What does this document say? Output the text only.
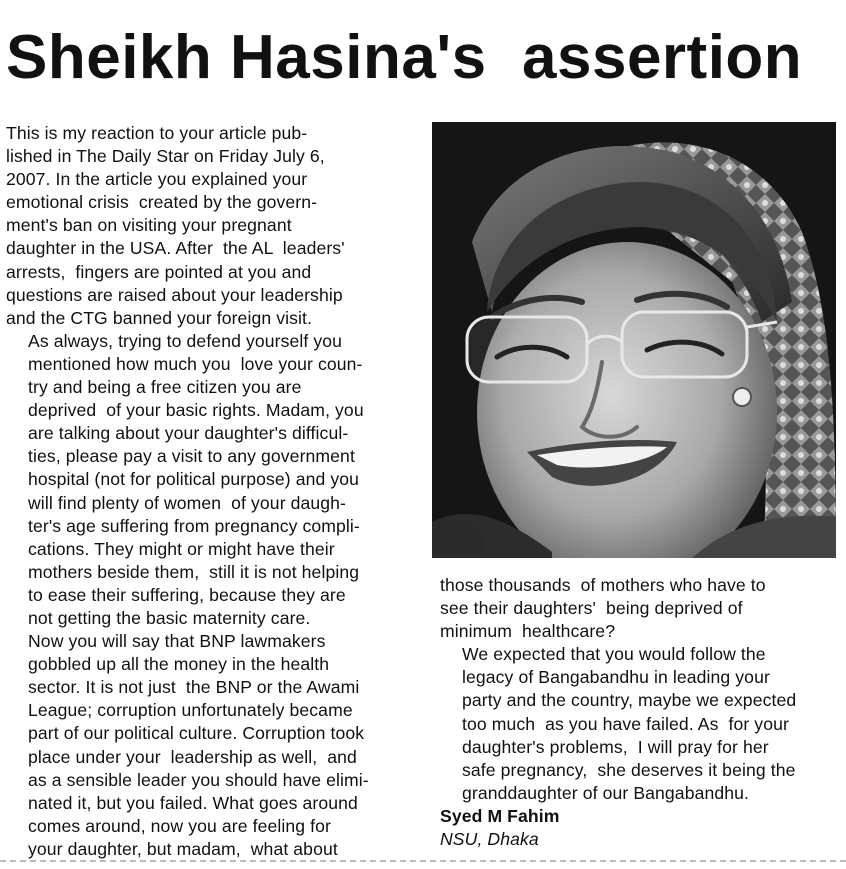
Sheikh Hasina's  assertion

This is my reaction to your article pub-
lished in The Daily Star on Friday July 6,
2007. In the article you explained your
emotional crisis  created by the govern-
ment's ban on visiting your pregnant
daughter in the USA. After  the AL  leaders'
arrests,  fingers are pointed at you and
questions are raised about your leadership
and the CTG banned your foreign visit.

As always, trying to defend yourself you
mentioned how much you  love your coun-
try and being a free citizen you are
deprived  of your basic rights. Madam, you
are talking about your daughter's difficul-
ties, please pay a visit to any government
hospital (not for political purpose) and you
will find plenty of women  of your daugh-
ter's age suffering from pregnancy compli-
cations. They might or might have their
mothers beside them,  still it is not helping
to ease their suffering, because they are
not getting the basic maternity care.

Now you will say that BNP lawmakers
gobbled up all the money in the health
sector. It is not just  the BNP or the Awami
League; corruption unfortunately became
part of our political culture. Corruption took
place under your  leadership as well,  and
as a sensible leader you should have elimi-
nated it, but you failed. What goes around
comes around, now you are feeling for
your daughter, but madam,  what about

those thousands  of mothers who have to
see their daughters'  being deprived of
minimum  healthcare?

We expected that you would follow the
legacy of Bangabandhu in leading your
party and the country, maybe we expected
too much  as you have failed. As  for your
daughter's problems,  I will pray for her
safe pregnancy,  she deserves it being the
granddaughter of our Bangabandhu.

Syed M Fahim
NSU, Dhaka
